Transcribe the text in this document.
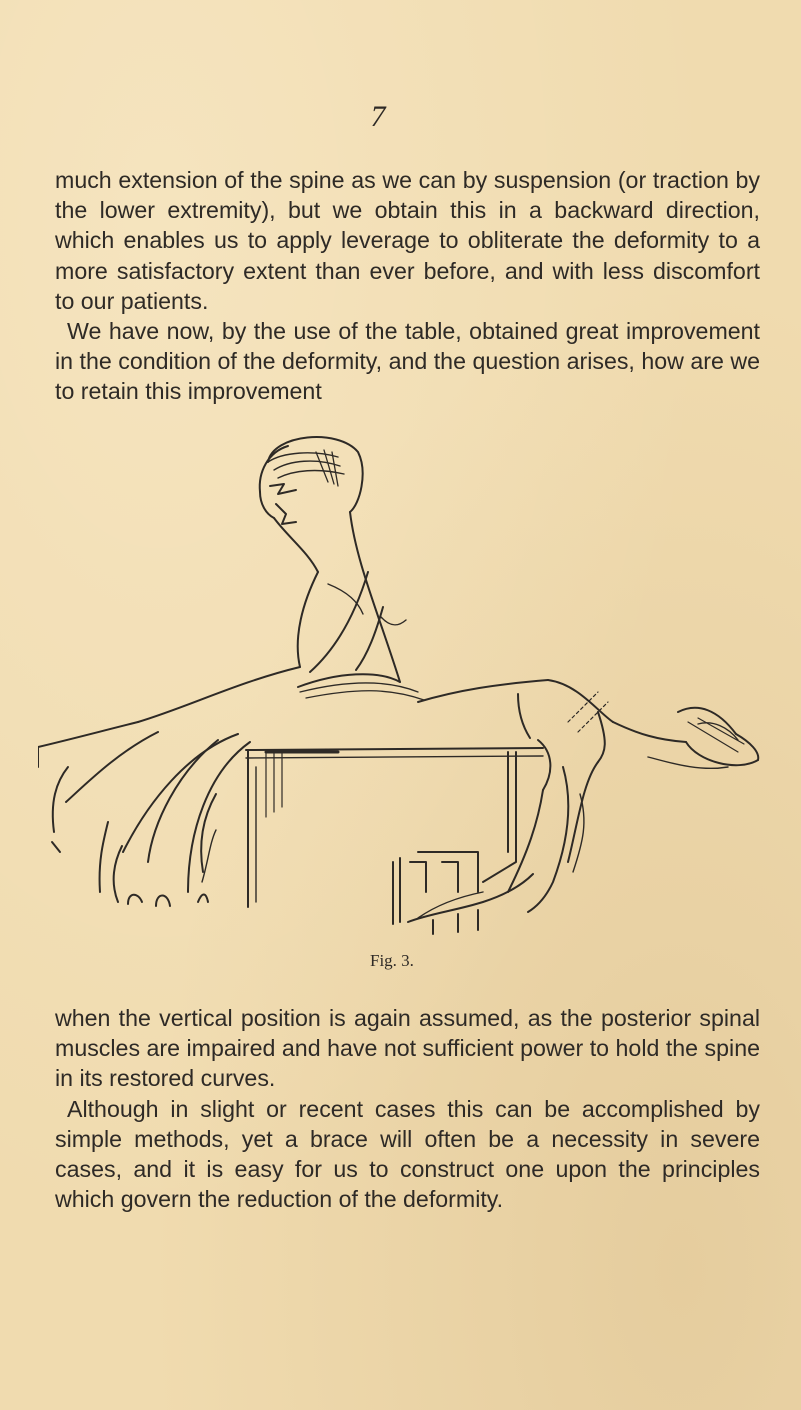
7

much extension of the spine as we can by suspension (or traction by the lower extremity), but we obtain this in a backward direction, which enables us to apply leverage to obliterate the deformity to a more satisfactory extent than ever before, and with less discomfort to our patients.

We have now, by the use of the table, obtained great improvement in the condition of the deformity, and the question arises, how are we to retain this improvement

Fig. 3.

when the vertical position is again assumed, as the posterior spinal muscles are impaired and have not sufficient power to hold the spine in its restored curves.

Although in slight or recent cases this can be accomplished by simple methods, yet a brace will often be a necessity in severe cases, and it is easy for us to construct one upon the principles which govern the reduction of the deformity.
